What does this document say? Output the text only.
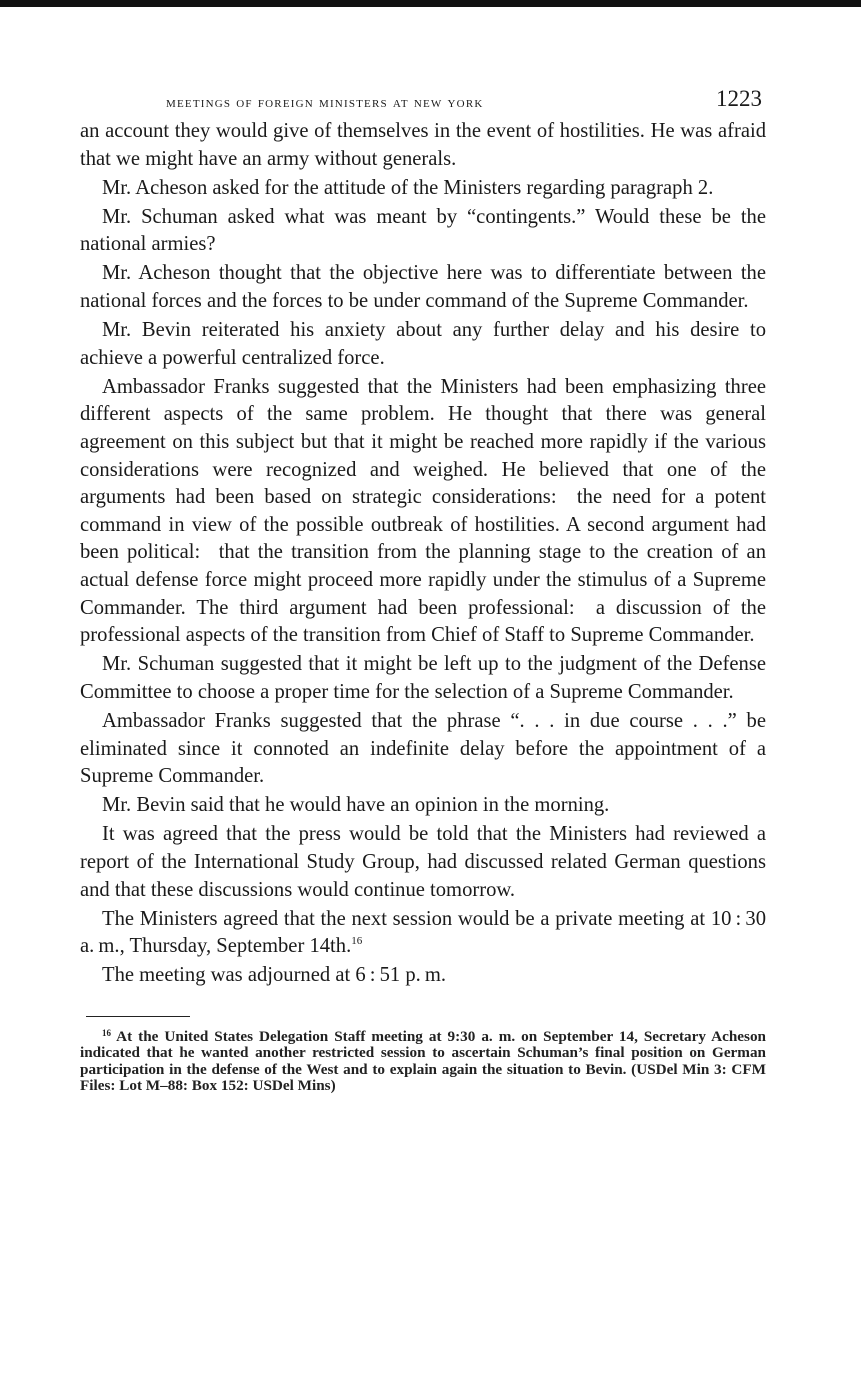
meetings of foreign ministers at new york	1223

an account they would give of themselves in the event of hostilities. He was afraid that we might have an army without generals.

Mr. Acheson asked for the attitude of the Ministers regarding paragraph 2.

Mr. Schuman asked what was meant by “contingents.” Would these be the national armies?

Mr. Acheson thought that the objective here was to differentiate between the national forces and the forces to be under command of the Supreme Commander.

Mr. Bevin reiterated his anxiety about any further delay and his desire to achieve a powerful centralized force.

Ambassador Franks suggested that the Ministers had been emphasizing three different aspects of the same problem. He thought that there was general agreement on this subject but that it might be reached more rapidly if the various considerations were recognized and weighed. He believed that one of the arguments had been based on strategic considerations:  the need for a potent command in view of the possible outbreak of hostilities. A second argument had been political:  that the transition from the planning stage to the creation of an actual defense force might proceed more rapidly under the stimulus of a Supreme Commander. The third argument had been professional:  a discussion of the professional aspects of the transition from Chief of Staff to Supreme Commander.

Mr. Schuman suggested that it might be left up to the judgment of the Defense Committee to choose a proper time for the selection of a Supreme Commander.

Ambassador Franks suggested that the phrase “. . . in due course . . .” be eliminated since it connoted an indefinite delay before the appointment of a Supreme Commander.

Mr. Bevin said that he would have an opinion in the morning.

It was agreed that the press would be told that the Ministers had reviewed a report of the International Study Group, had discussed related German questions and that these discussions would continue tomorrow.

The Ministers agreed that the next session would be a private meeting at 10 : 30 a. m., Thursday, September 14th.$^{16}$

The meeting was adjourned at 6 : 51 p. m.

$^{16}$ At the United States Delegation Staff meeting at 9:30 a. m. on September 14, Secretary Acheson indicated that he wanted another restricted session to ascertain Schuman’s final position on German participation in the defense of the West and to explain again the situation to Bevin. (USDel Min 3: CFM Files: Lot M–88: Box 152: USDel Mins)
